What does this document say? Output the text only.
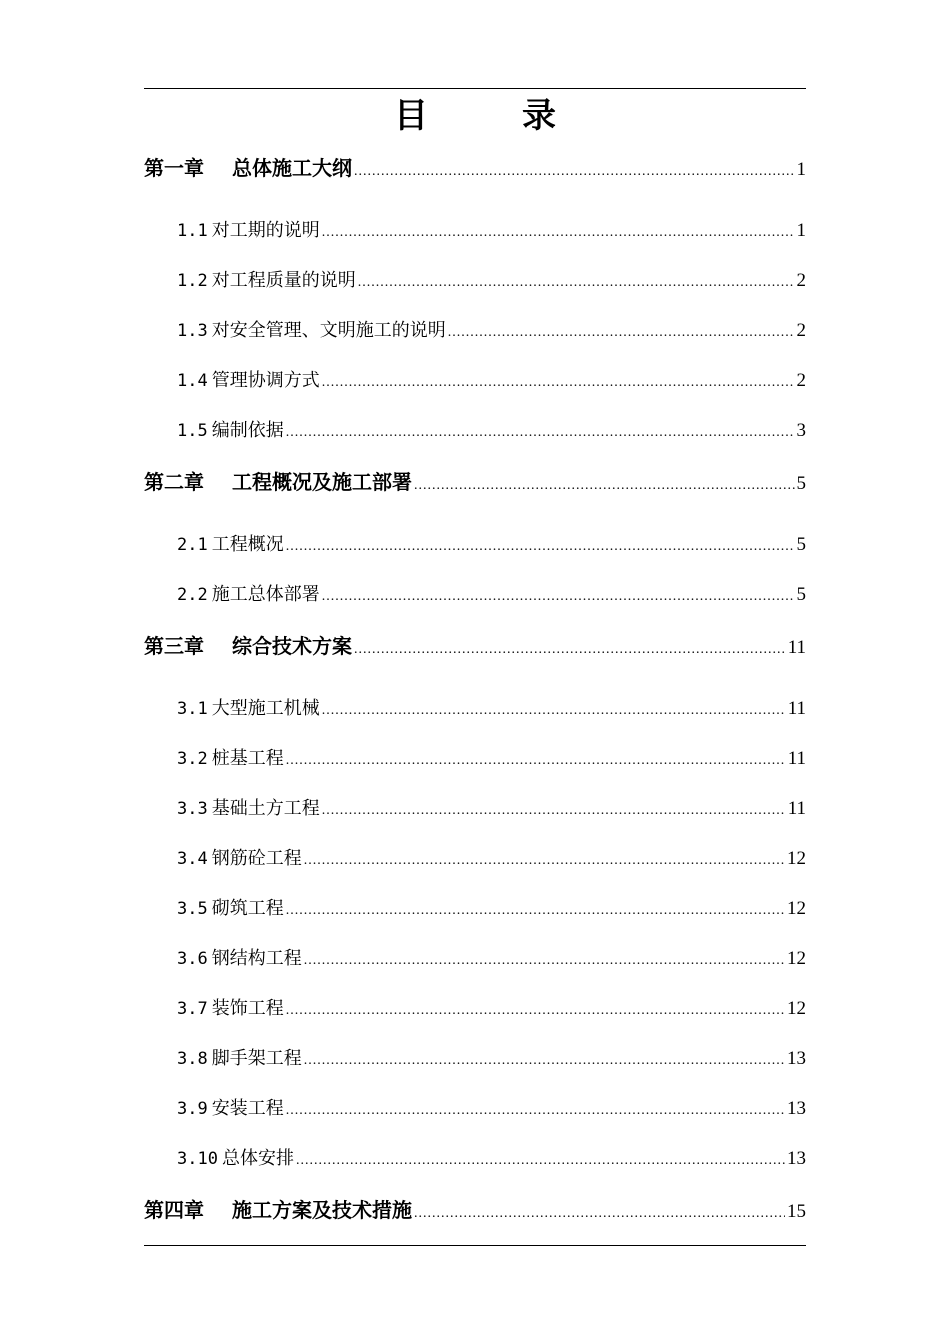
目　录
第一章 总体施工大纲 .....	1
1.1 对工期的说明 .....	1
1.2 对工程质量的说明 .....	2
1.3 对安全管理、文明施工的说明 .....	2
1.4 管理协调方式 .....	2
1.5 编制依据 .....	3
第二章 工程概况及施工部署 .....	5
2.1 工程概况 .....	5
2.2 施工总体部署 .....	5
第三章 综合技术方案 .....	11
3.1 大型施工机械 .....	11
3.2 桩基工程 .....	11
3.3 基础土方工程 .....	11
3.4 钢筋砼工程 .....	12
3.5 砌筑工程 .....	12
3.6 钢结构工程 .....	12
3.7 装饰工程 .....	12
3.8 脚手架工程 .....	13
3.9 安装工程 .....	13
3.10 总体安排 .....	13
第四章 施工方案及技术措施 .....	15
